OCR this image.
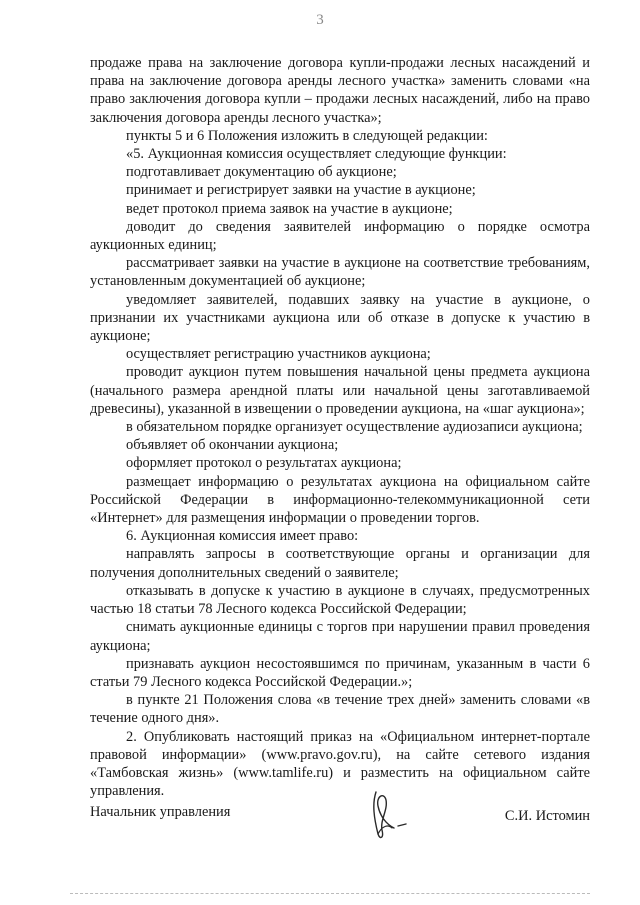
3

продаже права на заключение договора купли-продажи лесных насаждений и права на заключение договора аренды лесного участка» заменить словами «на право заключения договора купли – продажи лесных насаждений, либо на право заключения договора аренды лесного участка»;

пункты 5 и 6 Положения изложить в следующей редакции:

«5. Аукционная комиссия осуществляет следующие функции:

подготавливает документацию об аукционе;

принимает и регистрирует заявки на участие в аукционе;

ведет протокол приема заявок на участие в аукционе;

доводит до сведения заявителей информацию о порядке осмотра аукционных единиц;

рассматривает заявки на участие в аукционе на соответствие требованиям, установленным документацией об аукционе;

уведомляет заявителей, подавших заявку на участие в аукционе, о признании их участниками аукциона или об отказе в допуске к участию в аукционе;

осуществляет регистрацию участников аукциона;

проводит аукцион путем повышения начальной цены предмета аукциона (начального размера арендной платы или начальной цены заготавливаемой древесины), указанной в извещении о проведении аукциона, на «шаг аукциона»;

в обязательном порядке организует осуществление аудиозаписи аукциона;

объявляет об окончании аукциона;

оформляет протокол о результатах аукциона;

размещает информацию о результатах аукциона на официальном сайте Российской Федерации в информационно-телекоммуникационной сети «Интернет» для размещения информации о проведении торгов.

6. Аукционная комиссия имеет право:

направлять запросы в соответствующие органы и организации для получения дополнительных сведений о заявителе;

отказывать в допуске к участию в аукционе в случаях, предусмотренных частью 18 статьи 78 Лесного кодекса Российской Федерации;

снимать аукционные единицы с торгов при нарушении правил проведения аукциона;

признавать аукцион несостоявшимся по причинам, указанным в части 6 статьи 79 Лесного кодекса Российской Федерации.»;

в пункте 21 Положения слова «в течение трех дней» заменить словами «в течение одного дня».

2. Опубликовать настоящий приказ на «Официальном интернет-портале правовой информации» (www.pravo.gov.ru), на сайте сетевого издания «Тамбовская жизнь» (www.tamlife.ru) и разместить на официальном сайте управления.

Начальник управления	С.И. Истомин
